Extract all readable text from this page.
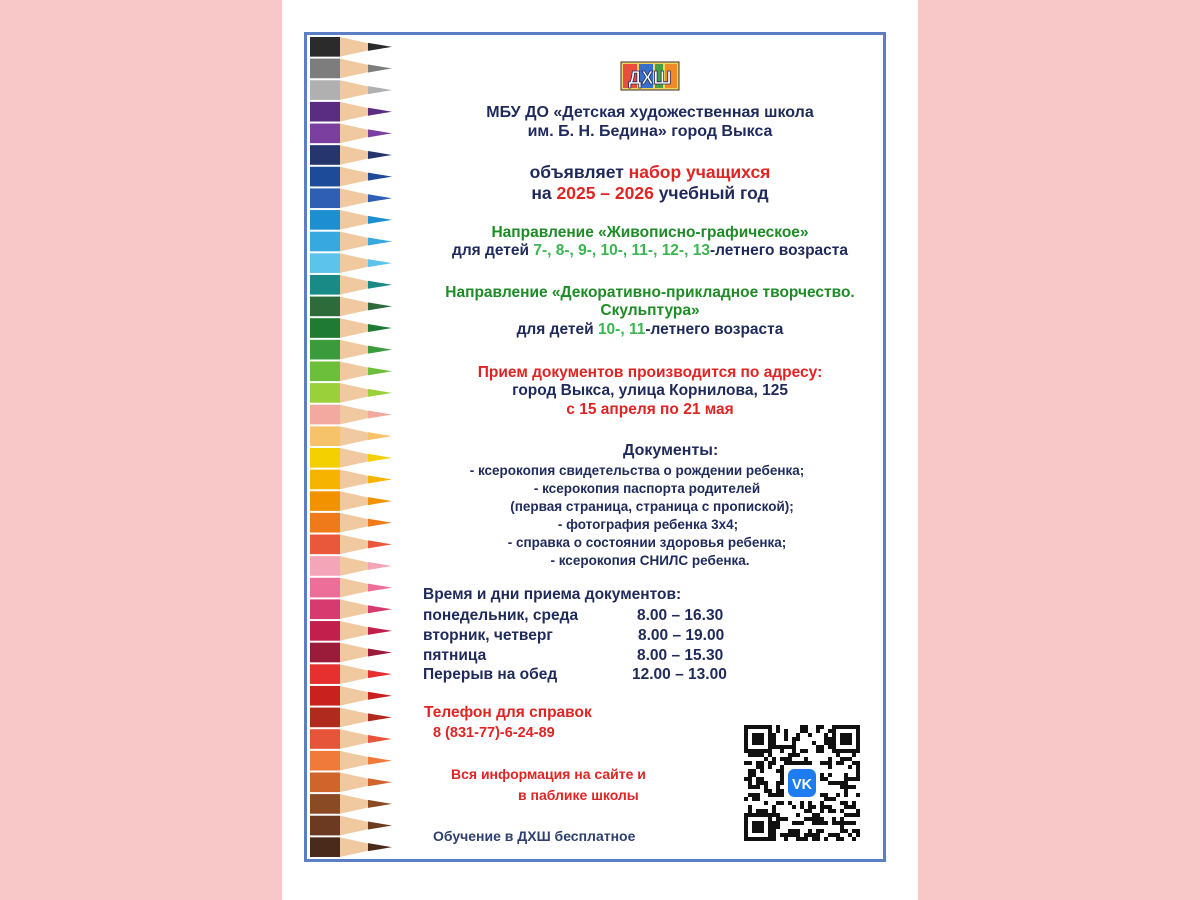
ДХШ
МБУ ДО «Детская художественная школа
им. Б. Н. Бедина» город Выкса
объявляет набор учащихся
на 2025 – 2026 учебный год
Направление «Живописно-графическое»
для детей 7-, 8-, 9-, 10-, 11-, 12-, 13-летнего возраста
Направление «Декоративно-прикладное творчество.
Скульптура»
для детей 10-, 11-летнего возраста
Прием документов производится по адресу:
город Выкса, улица Корнилова, 125
с 15 апреля по 21 мая
Документы:
- ксерокопия свидетельства о рождении ребенка;
- ксерокопия паспорта родителей
(первая страница, страница с пропиской);
- фотография ребенка 3x4;
- справка о состоянии здоровья ребенка;
- ксерокопия СНИЛС ребенка.
Время и дни приема документов:
понедельник, среда	8.00 – 16.30
вторник, четверг	8.00 – 19.00
пятница	8.00 – 15.30
Перерыв на обед	12.00 – 13.00
Телефон для справок
8 (831-77)-6-24-89
Вся информация на сайте и
в паблике школы
Обучение в ДХШ бесплатное
VK
